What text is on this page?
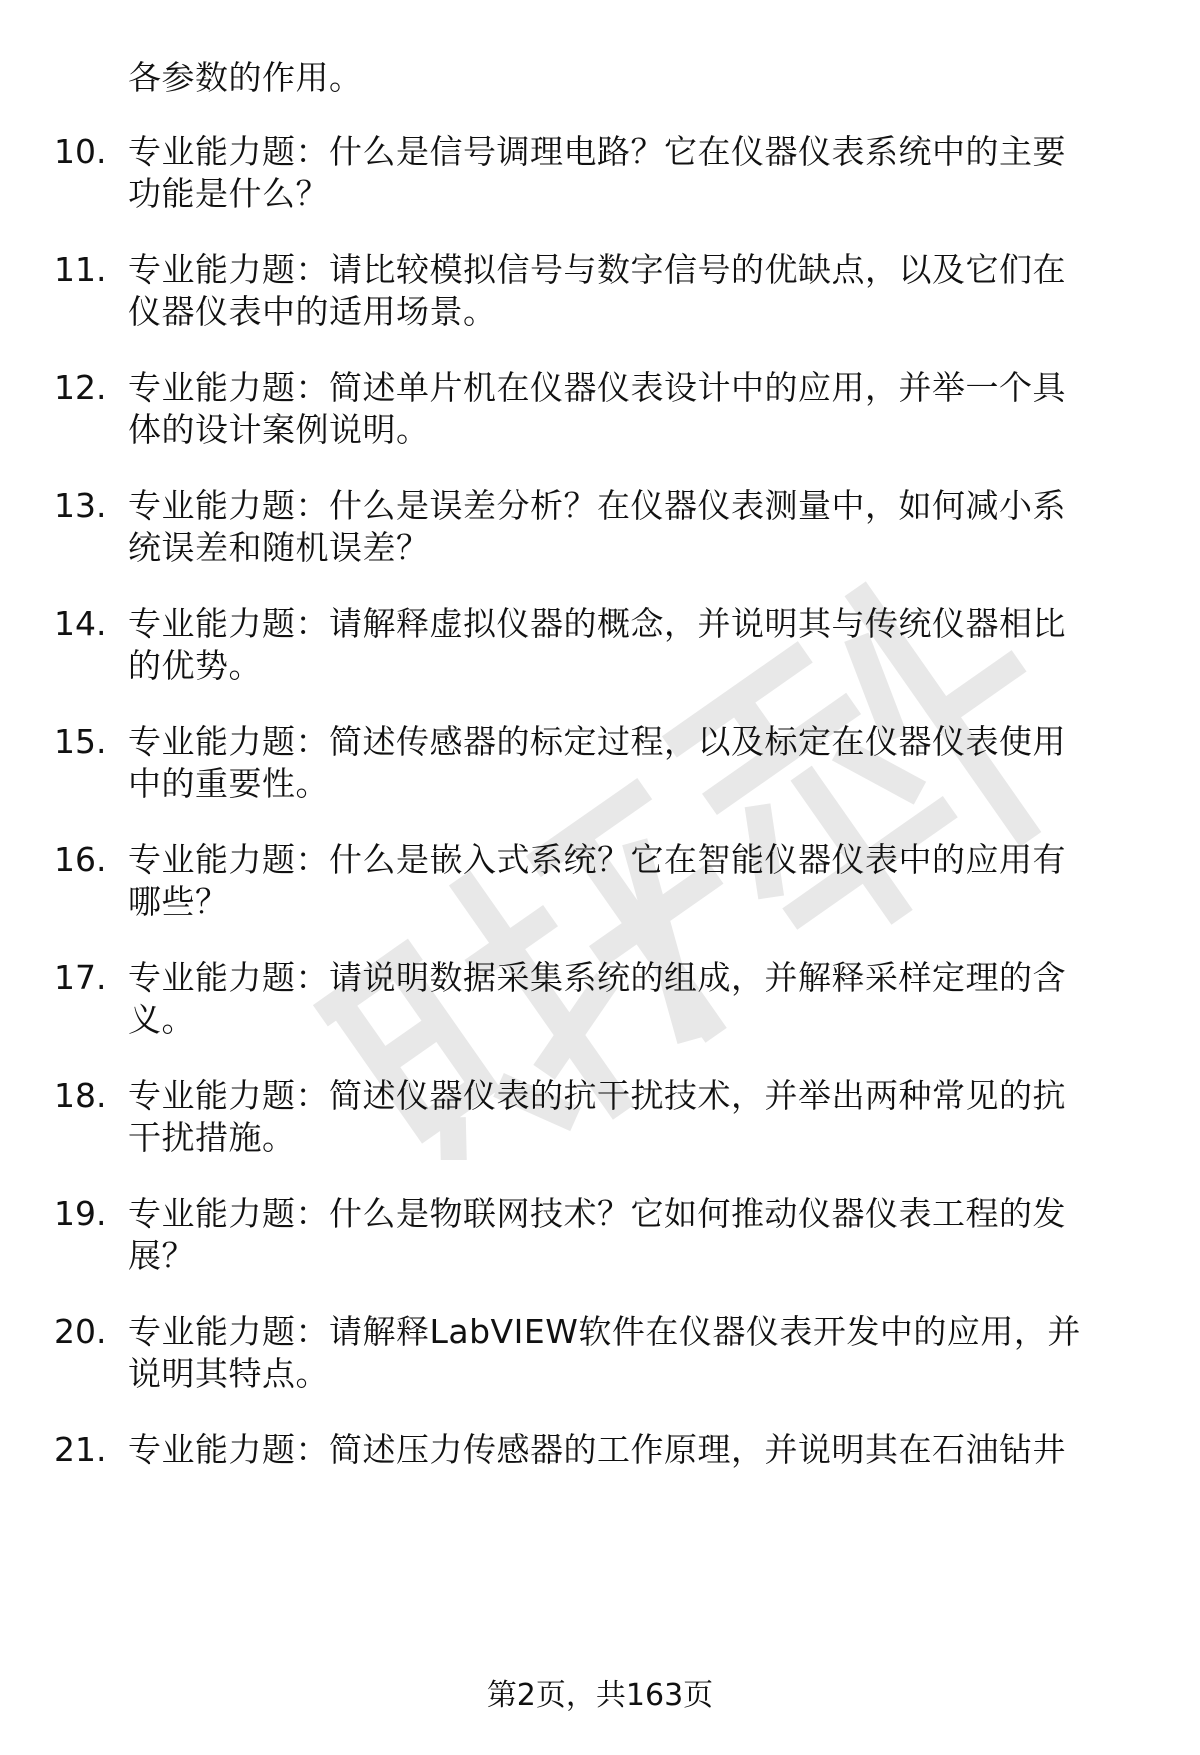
各参数的作用。
10. 专业能力题：什么是信号调理电路？它在仪器仪表系统中的主要
功能是什么？
11. 专业能力题：请比较模拟信号与数字信号的优缺点，以及它们在
仪器仪表中的适用场景。
12. 专业能力题：简述单片机在仪器仪表设计中的应用，并举一个具
体的设计案例说明。
13. 专业能力题：什么是误差分析？在仪器仪表测量中，如何减小系
统误差和随机误差？
14. 专业能力题：请解释虚拟仪器的概念，并说明其与传统仪器相比
的优势。
15. 专业能力题：简述传感器的标定过程，以及标定在仪器仪表使用
中的重要性。
16. 专业能力题：什么是嵌入式系统？它在智能仪器仪表中的应用有
哪些？
17. 专业能力题：请说明数据采集系统的组成，并解释采样定理的含
义。
18. 专业能力题：简述仪器仪表的抗干扰技术，并举出两种常见的抗
干扰措施。
19. 专业能力题：什么是物联网技术？它如何推动仪器仪表工程的发
展？
20. 专业能力题：请解释LabVIEW软件在仪器仪表开发中的应用，并
说明其特点。
21. 专业能力题：简述压力传感器的工作原理，并说明其在石油钻井
第2页，共163页
